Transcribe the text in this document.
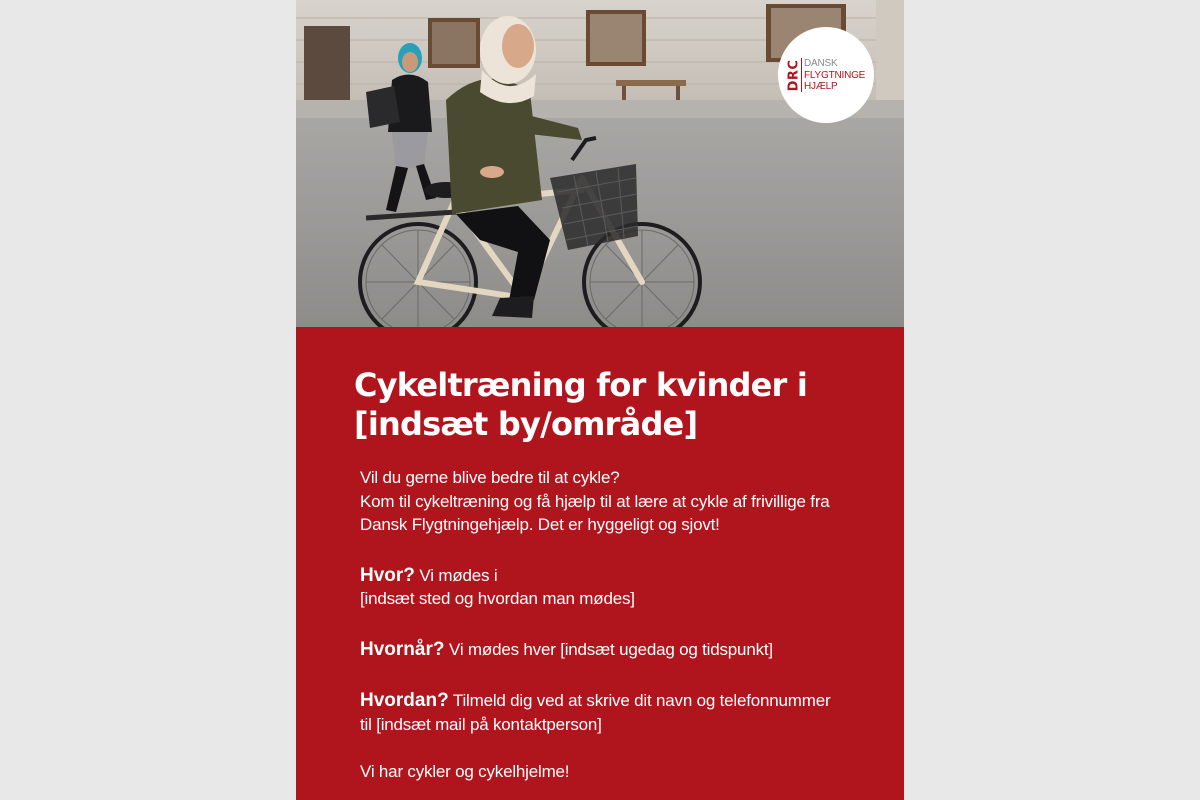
DRC DANSK
FLYGTNINGE
HJÆLP
Cykeltræning for kvinder i
[indsæt by/område]

Vil du gerne blive bedre til at cykle?
Kom til cykeltræning og få hjælp til at lære at cykle af frivillige fra
Dansk Flygtningehjælp. Det er hyggeligt og sjovt!

Hvor? Vi mødes i
[indsæt sted og hvordan man mødes]

Hvornår? Vi mødes hver [indsæt ugedag og tidspunkt]

Hvordan? Tilmeld dig ved at skrive dit navn og telefonnummer
til [indsæt mail på kontaktperson]

Vi har cykler og cykelhjelme!
